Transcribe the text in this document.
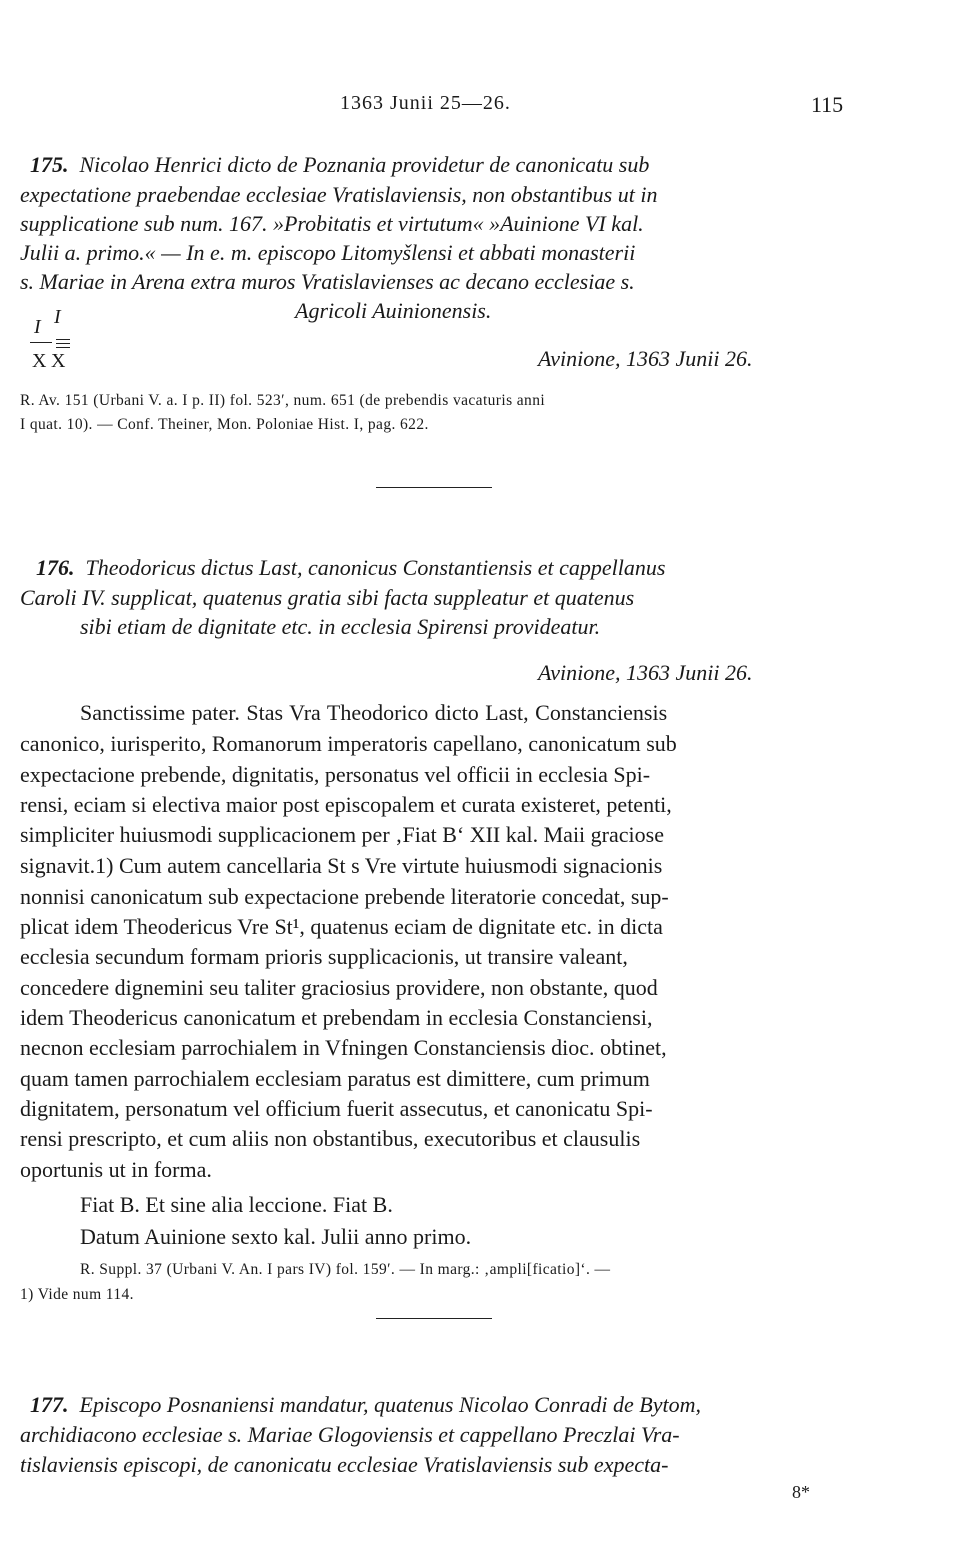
1363 Junii 25—26.	115
175. Nicolao Henrici dicto de Poznania providetur de canonicatu sub
expectatione praebendae ecclesiae Vratislaviensis, non obstantibus ut in
supplicatione sub num. 167. »Probitatis et virtutum« »Auinione VI kal.
Julii a. primo.« — In e. m. episcopo Litomyšlensi et abbati monasterii
s. Mariae in Arena extra muros Vratislavienses ac decano ecclesiae s.
Agricoli Auinionensis.
I I
X X	Avinione, 1363 Junii 26.
R. Av. 151 (Urbani V. a. I p. II) fol. 523′, num. 651 (de prebendis vacaturis anni
I quat. 10). — Conf. Theiner, Mon. Poloniae Hist. I, pag. 622.
176. Theodoricus dictus Last, canonicus Constantiensis et cappellanus
Caroli IV. supplicat, quatenus gratia sibi facta suppleatur et quatenus
sibi etiam de dignitate etc. in ecclesia Spirensi provideatur.
Avinione, 1363 Junii 26.
Sanctissime pater. Stas Vra Theodorico dicto Last, Constanciensis
canonico, iurisperito, Romanorum imperatoris capellano, canonicatum sub
expectacione prebende, dignitatis, personatus vel officii in ecclesia Spi-
rensi, eciam si electiva maior post episcopalem et curata existeret, petenti,
simpliciter huiusmodi supplicacionem per ‚Fiat B‘ XII kal. Maii graciose
signavit.1) Cum autem cancellaria St s Vre virtute huiusmodi signacionis
nonnisi canonicatum sub expectacione prebende literatorie concedat, sup-
plicat idem Theodericus Vre St¹, quatenus eciam de dignitate etc. in dicta
ecclesia secundum formam prioris supplicacionis, ut transire valeant,
concedere dignemini seu taliter graciosius providere, non obstante, quod
idem Theodericus canonicatum et prebendam in ecclesia Constanciensi,
necnon ecclesiam parrochialem in Vfningen Constanciensis dioc. obtinet,
quam tamen parrochialem ecclesiam paratus est dimittere, cum primum
dignitatem, personatum vel officium fuerit assecutus, et canonicatu Spi-
rensi prescripto, et cum aliis non obstantibus, executoribus et clausulis
oportunis ut in forma.
Fiat B. Et sine alia leccione. Fiat B.
Datum Auinione sexto kal. Julii anno primo.
R. Suppl. 37 (Urbani V. An. I pars IV) fol. 159′. — In marg.: ‚ampli[ficatio]‘. —
1) Vide num 114.
177. Episcopo Posnaniensi mandatur, quatenus Nicolao Conradi de Bytom,
archidiacono ecclesiae s. Mariae Glogoviensis et cappellano Preczlai Vra-
tislaviensis episcopi, de canonicatu ecclesiae Vratislaviensis sub expecta-
8*
